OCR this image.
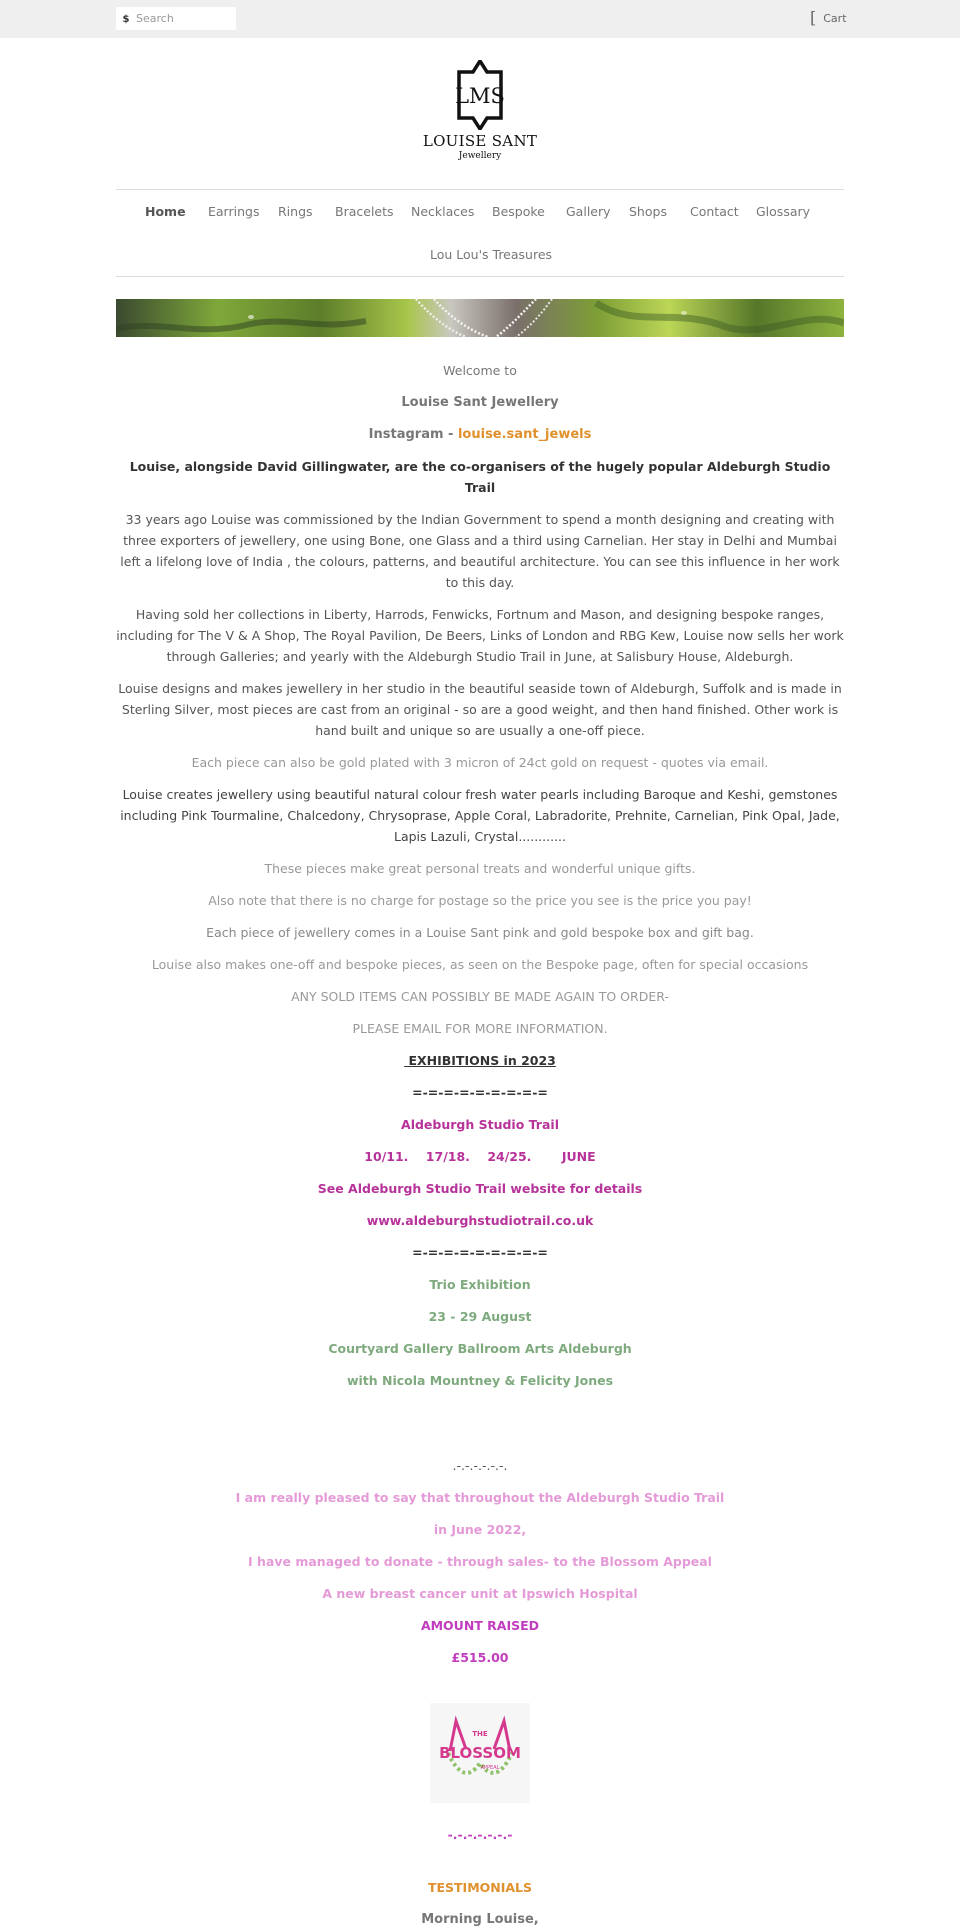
$
Search	[ Cart
LMS
LOUISE SANT
Jewellery
Home Earrings Rings Bracelets Necklaces Bespoke Gallery Shops Contact Glossary
Lou Lou's Treasures

Welcome to

Louise Sant Jewellery

Instagram - louise.sant_jewels

Louise, alongside David Gillingwater, are the co-organisers of the hugely popular Aldeburgh Studio Trail

33 years ago Louise was commissioned by the Indian Government to spend a month designing and creating with three exporters of jewellery, one using Bone, one Glass and a third using Carnelian. Her stay in Delhi and Mumbai left a lifelong love of India , the colours, patterns, and beautiful architecture. You can see this influence in her work to this day.

Having sold her collections in Liberty, Harrods, Fenwicks, Fortnum and Mason, and designing bespoke ranges, including for The V & A Shop, The Royal Pavilion, De Beers, Links of London and RBG Kew, Louise now sells her work through Galleries; and yearly with the Aldeburgh Studio Trail in June, at Salisbury House, Aldeburgh.

Louise designs and makes jewellery in her studio in the beautiful seaside town of Aldeburgh, Suffolk and is made in Sterling Silver, most pieces are cast from an original - so are a good weight, and then hand finished. Other work is hand built and unique so are usually a one-off piece.

Each piece can also be gold plated with 3 micron of 24ct gold on request - quotes via email.

Louise creates jewellery using beautiful natural colour fresh water pearls including Baroque and Keshi, gemstones including Pink Tourmaline, Chalcedony, Chrysoprase, Apple Coral, Labradorite, Prehnite, Carnelian, Pink Opal, Jade, Lapis Lazuli, Crystal............

These pieces make great personal treats and wonderful unique gifts.

Also note that there is no charge for postage so the price you see is the price you pay!

Each piece of jewellery comes in a Louise Sant pink and gold bespoke box and gift bag.

Louise also makes one-off and bespoke pieces, as seen on the Bespoke page, often for special occasions

ANY SOLD ITEMS CAN POSSIBLY BE MADE AGAIN TO ORDER-

PLEASE EMAIL FOR MORE INFORMATION.

EXHIBITIONS in 2023

=-=-=-=-=-=-=-=-=

Aldeburgh Studio Trail

10/11.    17/18.    24/25.       JUNE

See Aldeburgh Studio Trail website for details

www.aldeburghstudiotrail.co.uk

=-=-=-=-=-=-=-=-=

Trio Exhibition

23 - 29 August

Courtyard Gallery Ballroom Arts Aldeburgh

with Nicola Mountney & Felicity Jones

.-.-.-.-.-.-.

I am really pleased to say that throughout the Aldeburgh Studio Trail

in June 2022,

I have managed to donate - through sales- to the Blossom Appeal

A new breast cancer unit at Ipswich Hospital

AMOUNT RAISED

£515.00

THE
BLOSSOM
APPEAL

-.-.-.-.-.-.-

TESTIMONIALS

Morning Louise,
